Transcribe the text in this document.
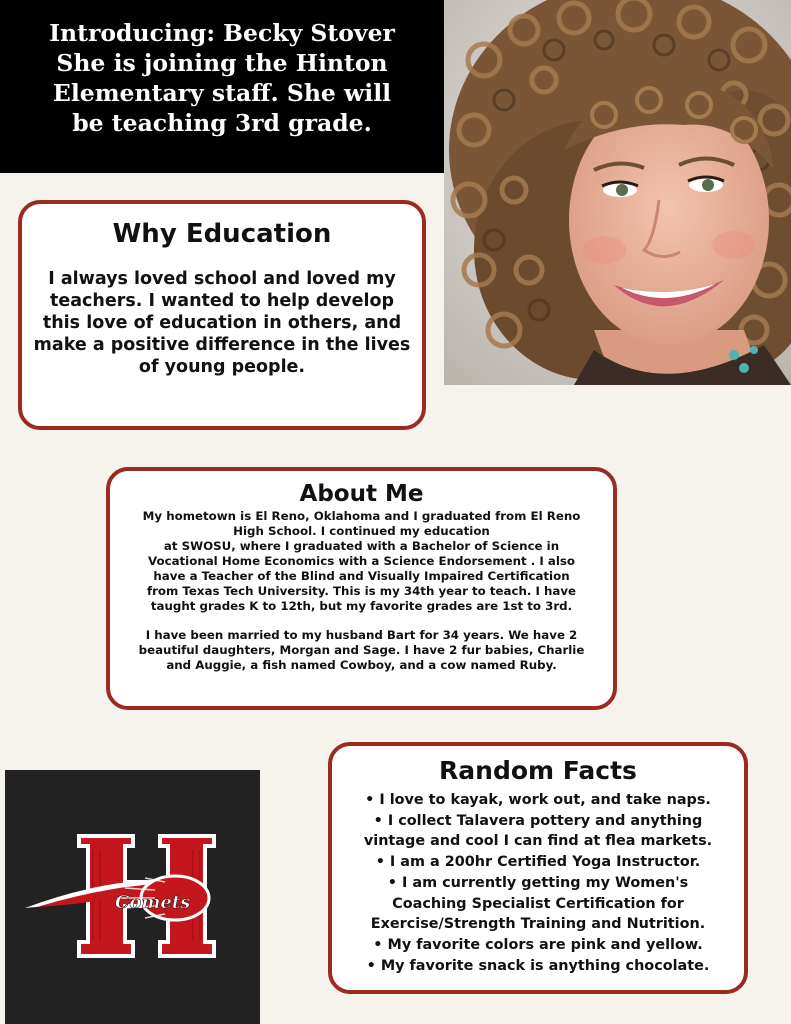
Introducing: Becky Stover
She is joining the Hinton
Elementary staff. She will
be teaching 3rd grade.
Why Education
I always loved school and loved my
teachers. I wanted to help develop
this love of education in others, and
make a positive difference in the lives
of young people.
About Me
My hometown is El Reno, Oklahoma and I graduated from El Reno
High School. I continued my education
at SWOSU, where I graduated with a Bachelor of Science in
Vocational Home Economics with a Science Endorsement . I also
have a Teacher of the Blind and Visually Impaired Certification
from Texas Tech University. This is my 34th year to teach. I have
taught grades K to 12th, but my favorite grades are 1st to 3rd.
I have been married to my husband Bart for 34 years. We have 2
beautiful daughters, Morgan and Sage. I have 2 fur babies, Charlie
and Auggie, a fish named Cowboy, and a cow named Ruby.
Comets
Random Facts
• I love to kayak, work out, and take naps.
• I collect Talavera pottery and anything
vintage and cool I can find at flea markets.
• I am a 200hr Certified Yoga Instructor.
• I am currently getting my Women's
Coaching Specialist Certification for
Exercise/Strength Training and Nutrition.
• My favorite colors are pink and yellow.
• My favorite snack is anything chocolate.
